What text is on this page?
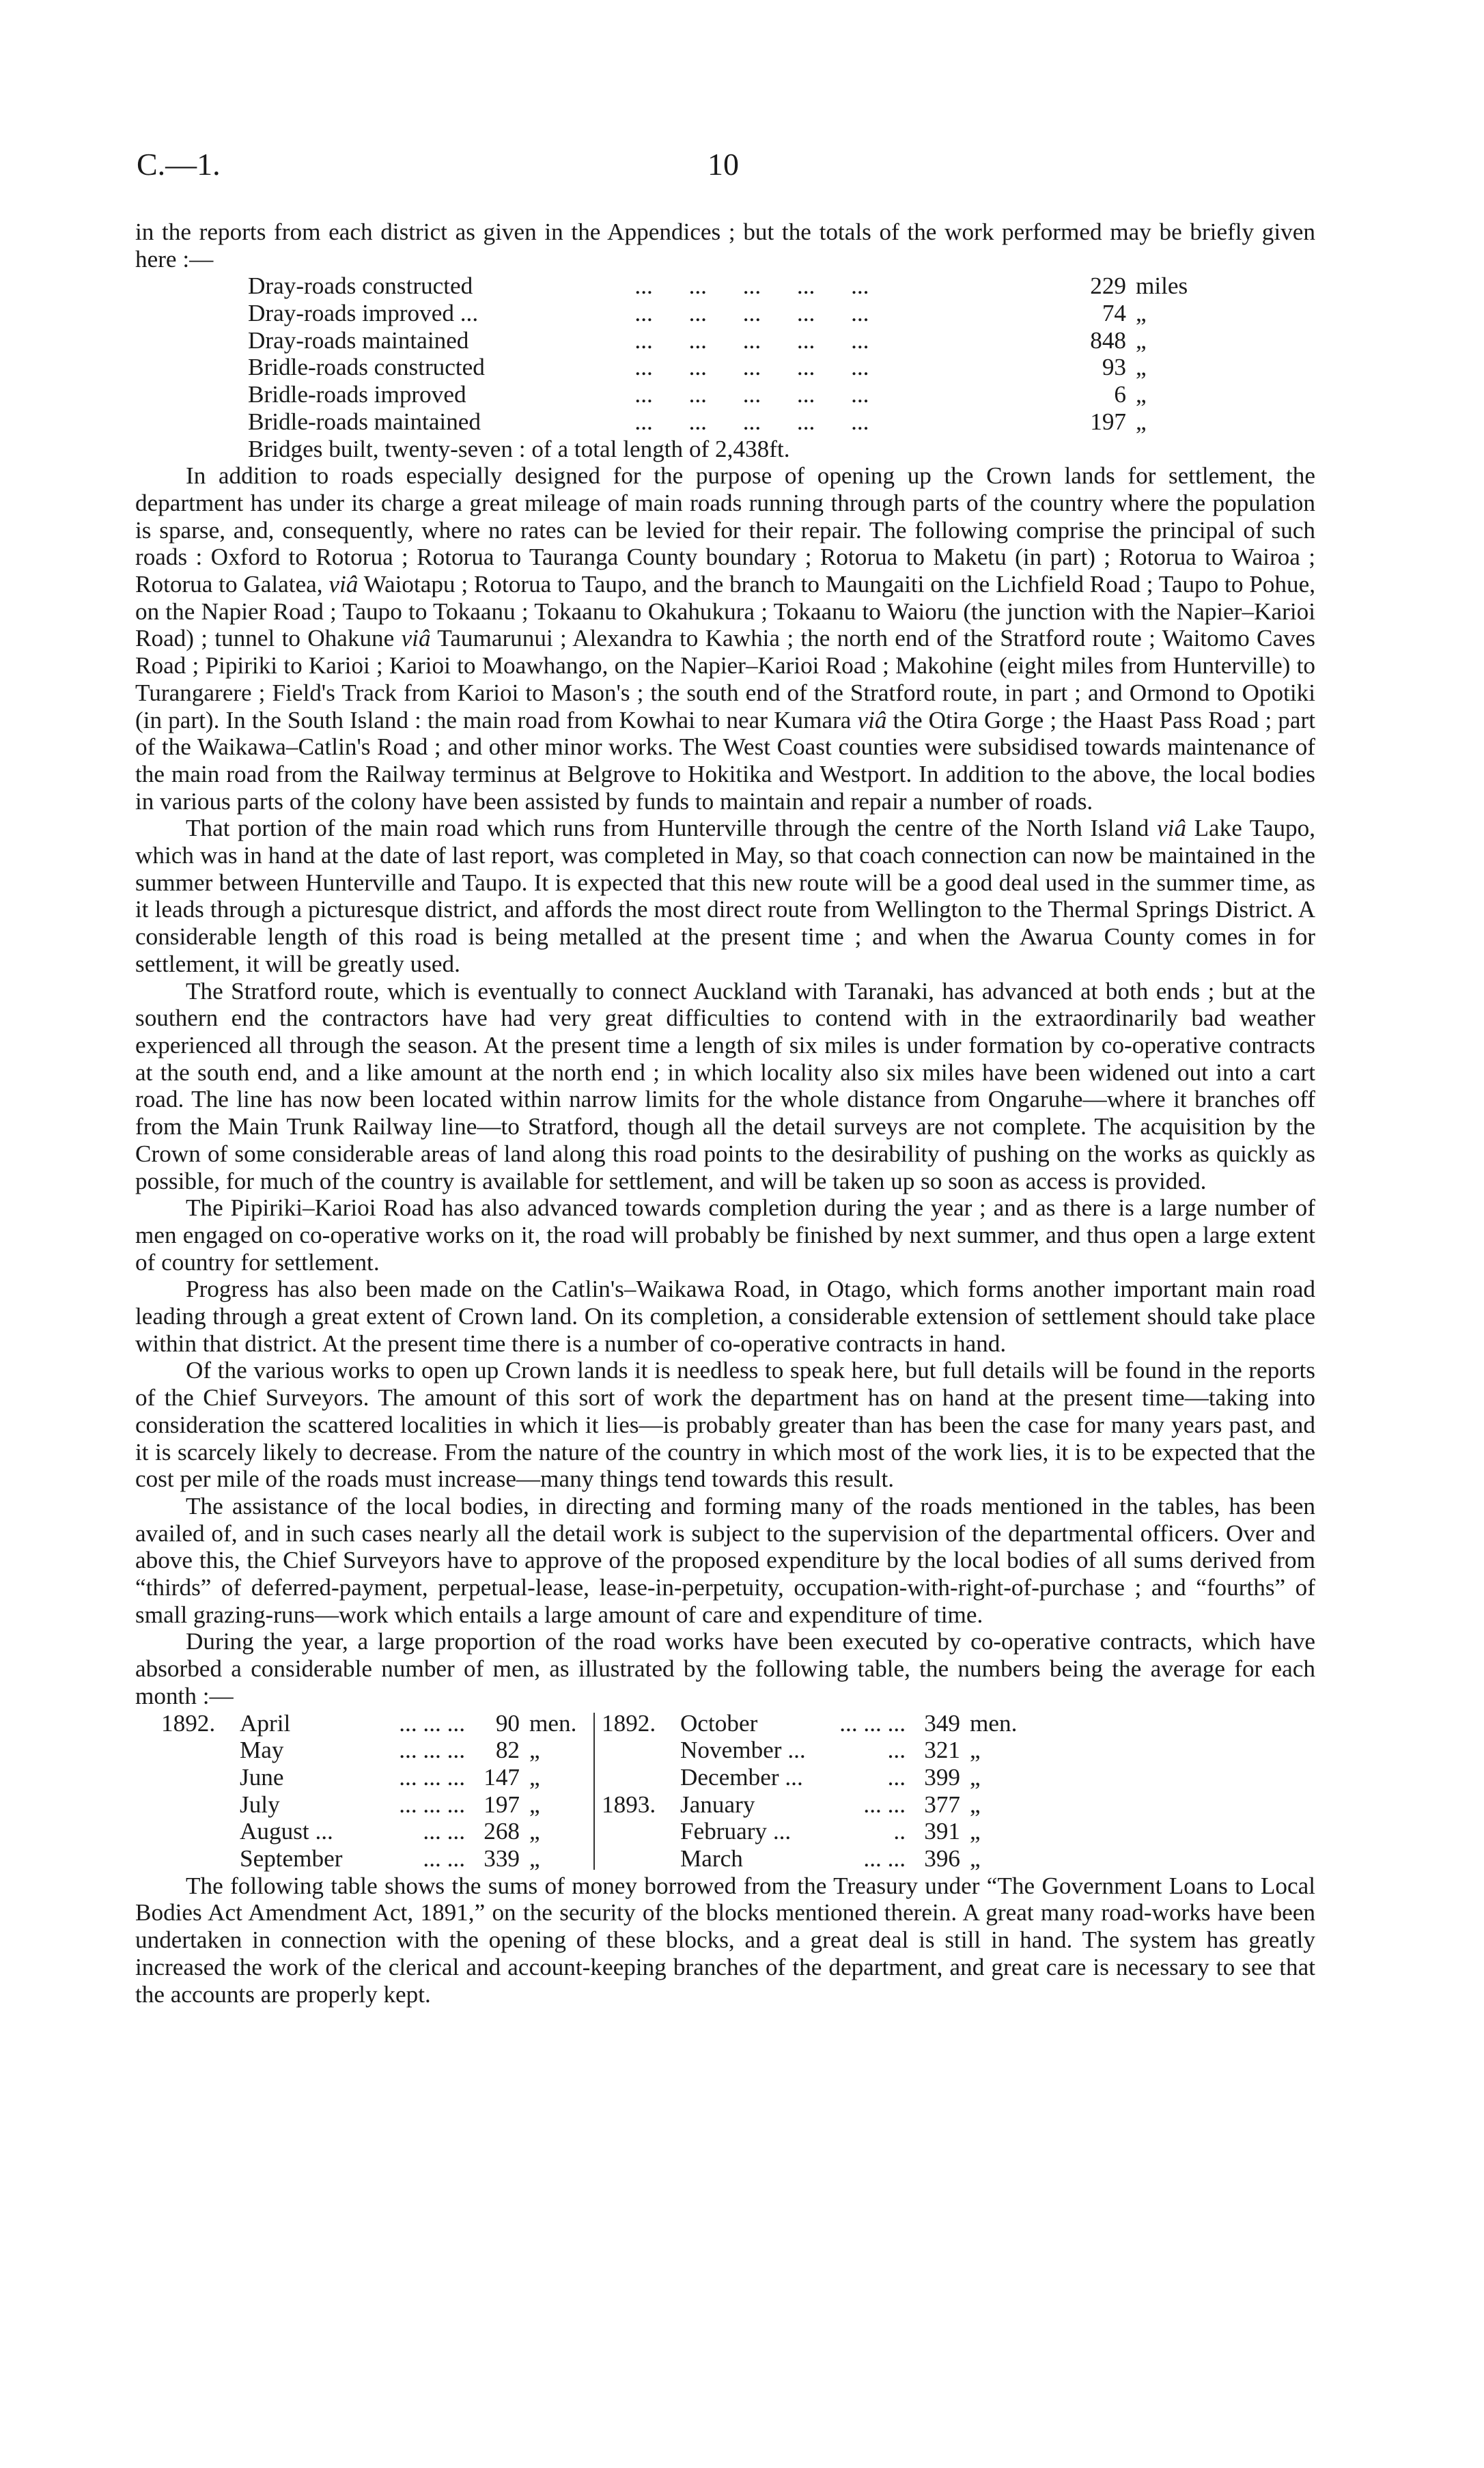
C.—1.	10

in the reports from each district as given in the Appendices ; but the totals of the work performed may be briefly given here :—

Dray-roads constructed	...      ...      ...      ...      ...	229 miles
Dray-roads improved ...	...      ...      ...      ...      ...	74 „
Dray-roads maintained	...      ...      ...      ...      ...	848 „
Bridle-roads constructed	...      ...      ...      ...      ...	93 „
Bridle-roads improved	...      ...      ...      ...      ...	6 „
Bridle-roads maintained	...      ...      ...      ...      ...	197 „

Bridges built, twenty-seven : of a total length of 2,438ft.

In addition to roads especially designed for the purpose of opening up the Crown lands for settlement, the department has under its charge a great mileage of main roads running through parts of the country where the population is sparse, and, consequently, where no rates can be levied for their repair. The following comprise the principal of such roads : Oxford to Rotorua ; Rotorua to Tauranga County boundary ; Rotorua to Maketu (in part) ; Rotorua to Wairoa ; Rotorua to Galatea, viâ Waiotapu ; Rotorua to Taupo, and the branch to Maungaiti on the Lichfield Road ; Taupo to Pohue, on the Napier Road ; Taupo to Tokaanu ; Tokaanu to Okahukura ; Tokaanu to Waioru (the junction with the Napier–Karioi Road) ; tunnel to Ohakune viâ Taumarunui ; Alexandra to Kawhia ; the north end of the Stratford route ; Waitomo Caves Road ; Pipiriki to Karioi ; Karioi to Moawhango, on the Napier–Karioi Road ; Makohine (eight miles from Hunterville) to Turangarere ; Field's Track from Karioi to Mason's ; the south end of the Stratford route, in part ; and Ormond to Opotiki (in part). In the South Island : the main road from Kowhai to near Kumara viâ the Otira Gorge ; the Haast Pass Road ; part of the Waikawa–Catlin's Road ; and other minor works. The West Coast counties were subsidised towards maintenance of the main road from the Railway terminus at Belgrove to Hokitika and Westport. In addition to the above, the local bodies in various parts of the colony have been assisted by funds to maintain and repair a number of roads.

That portion of the main road which runs from Hunterville through the centre of the North Island viâ Lake Taupo, which was in hand at the date of last report, was completed in May, so that coach connection can now be maintained in the summer between Hunterville and Taupo. It is expected that this new route will be a good deal used in the summer time, as it leads through a picturesque district, and affords the most direct route from Wellington to the Thermal Springs District. A considerable length of this road is being metalled at the present time ; and when the Awarua County comes in for settlement, it will be greatly used.

The Stratford route, which is eventually to connect Auckland with Taranaki, has advanced at both ends ; but at the southern end the contractors have had very great difficulties to contend with in the extraordinarily bad weather experienced all through the season. At the present time a length of six miles is under formation by co-operative contracts at the south end, and a like amount at the north end ; in which locality also six miles have been widened out into a cart road. The line has now been located within narrow limits for the whole distance from Ongaruhe—where it branches off from the Main Trunk Railway line—to Stratford, though all the detail surveys are not complete. The acquisition by the Crown of some considerable areas of land along this road points to the desirability of pushing on the works as quickly as possible, for much of the country is available for settlement, and will be taken up so soon as access is provided.

The Pipiriki–Karioi Road has also advanced towards completion during the year ; and as there is a large number of men engaged on co-operative works on it, the road will probably be finished by next summer, and thus open a large extent of country for settlement.

Progress has also been made on the Catlin's–Waikawa Road, in Otago, which forms another important main road leading through a great extent of Crown land. On its completion, a considerable extension of settlement should take place within that district. At the present time there is a number of co-operative contracts in hand.

Of the various works to open up Crown lands it is needless to speak here, but full details will be found in the reports of the Chief Surveyors. The amount of this sort of work the department has on hand at the present time—taking into consideration the scattered localities in which it lies—is probably greater than has been the case for many years past, and it is scarcely likely to decrease. From the nature of the country in which most of the work lies, it is to be expected that the cost per mile of the roads must increase—many things tend towards this result.

The assistance of the local bodies, in directing and forming many of the roads mentioned in the tables, has been availed of, and in such cases nearly all the detail work is subject to the supervision of the departmental officers. Over and above this, the Chief Surveyors have to approve of the proposed expenditure by the local bodies of all sums derived from “thirds” of deferred-payment, perpetual-lease, lease-in-perpetuity, occupation-with-right-of-purchase ; and “fourths” of small grazing-runs—work which entails a large amount of care and expenditure of time.

During the year, a large proportion of the road works have been executed by co-operative contracts, which have absorbed a considerable number of men, as illustrated by the following table, the numbers being the average for each month :—

1892.	April	... ... ...	90 men.
May	... ... ...	82 „
June	... ... ... 147 „
July	... ... ... 197 „
August ...	... ... 268 „
September	... ... 339 „
1892.	October	... ... ... 349 men.
November ...	... 321 „
December ...	... 399 „
1893.	January	... ... 377 „
February ...	.. 391 „
March	... ... 396 „

The following table shows the sums of money borrowed from the Treasury under “The Government Loans to Local Bodies Act Amendment Act, 1891,” on the security of the blocks mentioned therein. A great many road-works have been undertaken in connection with the opening of these blocks, and a great deal is still in hand. The system has greatly increased the work of the clerical and account-keeping branches of the department, and great care is necessary to see that the accounts are properly kept.
